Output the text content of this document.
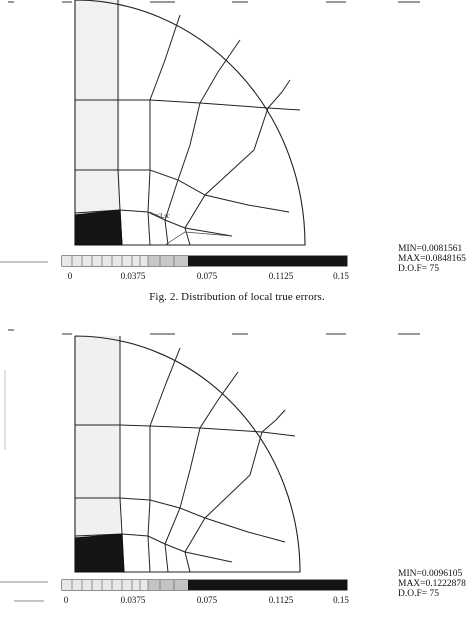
=3.sc
MIN=0.0081561
MAX=0.0848165
D.O.F= 75
0	0.0375	0.075	0.1125	0.15
Fig. 2. Distribution of local true errors.
MIN=0.0096105
MAX=0.1222878
D.O.F= 75
0	0.0375	0.075	0.1125	0.15
